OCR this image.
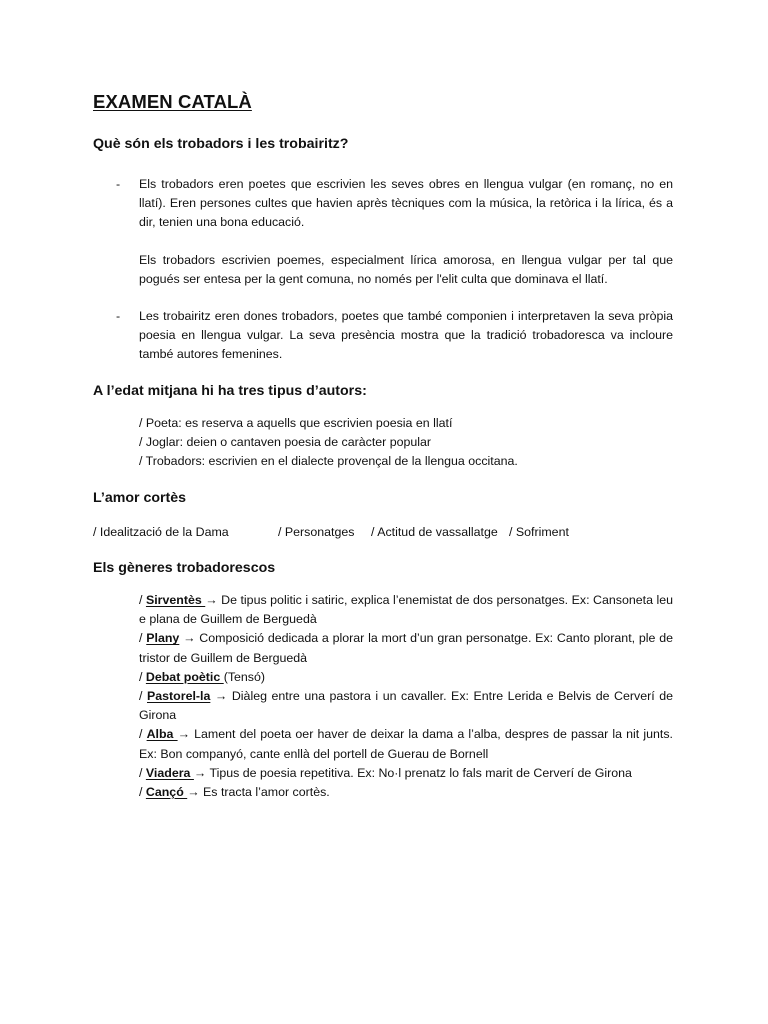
EXAMEN CATALÀ
Què són els trobadors i les trobairitz?
- Els trobadors eren poetes que escrivien les seves obres en llengua vulgar (en romanç, no en llatí). Eren persones cultes que havien après tècniques com la música, la retòrica i la lírica, és a dir, tenien una bona educació.

Els trobadors escrivien poemes, especialment lírica amorosa, en llengua vulgar per tal que pogués ser entesa per la gent comuna, no només per l'elit culta que dominava el llatí.

- Les trobairitz eren dones trobadors, poetes que també componien i interpretaven la seva pròpia poesia en llengua vulgar. La seva presència mostra que la tradició trobadoresca va incloure també autores femenines.

A l’edat mitjana hi ha tres tipus d’autors:
/ Poeta: es reserva a aquells que escrivien poesia en llatí
/ Joglar: deien o cantaven poesia de caràcter popular
/ Trobadors: escrivien en el dialecte provençal de la llengua occitana.
L’amor cortès
/ Idealització de la Dama	/ Personatges / Actitud de vassallatge / Sofriment
Els gèneres trobadorescos

/ Sirventès → De tipus politic i satiric, explica l’enemistat de dos personatges. Ex: Cansoneta leu e plana de Guillem de Berguedà

/ Plany → Composició dedicada a plorar la mort d’un gran personatge. Ex: Canto plorant, ple de tristor de Guillem de Berguedà

/ Debat poètic (Tensó)

/ Pastorel-la → Diàleg entre una pastora i un cavaller. Ex: Entre Lerida e Belvis de Cerverí de Girona

/ Alba → Lament del poeta oer haver de deixar la dama a l’alba, despres de passar la nit junts. Ex: Bon companyó, cante enllà del portell de Guerau de Bornell

/ Viadera → Tipus de poesia repetitiva. Ex: No·l prenatz lo fals marit de Cerverí de Girona

/ Cançó → Es tracta l’amor cortès.
